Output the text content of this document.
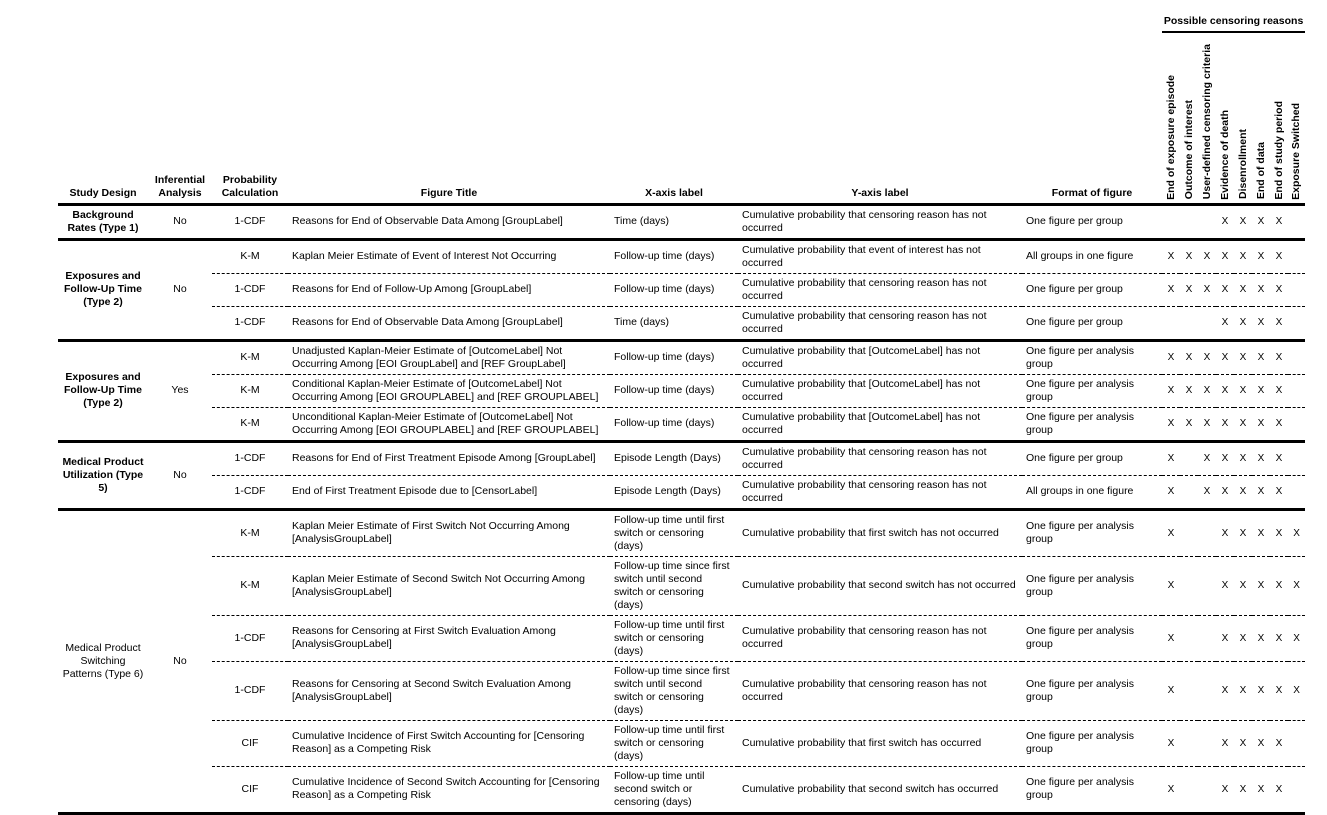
Study Design	Inferential Analysis	Probability Calculation	Figure Title	X-axis label	Y-axis label	Format of figure	Possible censoring reasons							

							End of exposure episode	Outcome of interest	User-defined censoring criteria	Evidence of death	Disenrollment	End of data	End of study period	Exposure Switched

Background Rates (Type 1)	No	1-CDF	Reasons for End of Observable Data Among [GroupLabel]	Time (days)	Cumulative probability that censoring reason has not occurred	One figure per group				X	X	X	X	
Exposures and Follow-Up Time (Type 2)	No	K-M	Kaplan Meier Estimate of Event of Interest Not Occurring	Follow-up time (days)	Cumulative probability that event of interest has not occurred	All groups in one figure	X	X	X	X	X	X	X	
		1-CDF	Reasons for End of Follow-Up Among [GroupLabel]	Follow-up time (days)	Cumulative probability that censoring reason has not occurred	One figure per group	X	X	X	X	X	X	X	
		1-CDF	Reasons for End of Observable Data Among [GroupLabel]	Time (days)	Cumulative probability that censoring reason has not occurred	One figure per group				X	X	X	X	
Exposures and Follow-Up Time (Type 2)	Yes	K-M	Unadjusted Kaplan-Meier Estimate of [OutcomeLabel] Not Occurring Among [EOI GroupLabel] and [REF GroupLabel]	Follow-up time (days)	Cumulative probability that [OutcomeLabel] has not occurred	One figure per analysis group	X	X	X	X	X	X	X	
		K-M	Conditional Kaplan-Meier Estimate of [OutcomeLabel] Not Occurring Among [EOI GROUPLABEL] and [REF GROUPLABEL]	Follow-up time (days)	Cumulative probability that [OutcomeLabel] has not occurred	One figure per analysis group	X	X	X	X	X	X	X	
		K-M	Unconditional Kaplan-Meier Estimate of [OutcomeLabel] Not Occurring Among [EOI GROUPLABEL] and [REF GROUPLABEL]	Follow-up time (days)	Cumulative probability that [OutcomeLabel] has not occurred	One figure per analysis group	X	X	X	X	X	X	X	
Medical Product Utilization (Type 5)	No	1-CDF	Reasons for End of First Treatment Episode Among [GroupLabel]	Episode Length (Days)	Cumulative probability that censoring reason has not occurred	One figure per group	X		X	X	X	X	X	
		1-CDF	End of First Treatment Episode due to [CensorLabel]	Episode Length (Days)	Cumulative probability that censoring reason has not occurred	All groups in one figure	X		X	X	X	X	X	
Medical Product Switching Patterns (Type 6)	No	K-M	Kaplan Meier Estimate of First Switch Not Occurring Among [AnalysisGroupLabel]	Follow-up time until first switch or censoring (days)	Cumulative probability that first switch has not occurred	One figure per analysis group	X			X	X	X	X	X
		K-M	Kaplan Meier Estimate of Second Switch Not Occurring Among [AnalysisGroupLabel]	Follow-up time since first switch until second switch or censoring (days)	Cumulative probability that second switch has not occurred	One figure per analysis group	X			X	X	X	X	X
		1-CDF	Reasons for Censoring at First Switch Evaluation Among [AnalysisGroupLabel]	Follow-up time until first switch or censoring (days)	Cumulative probability that censoring reason has not occurred	One figure per analysis group	X			X	X	X	X	X
		1-CDF	Reasons for Censoring at Second Switch Evaluation Among [AnalysisGroupLabel]	Follow-up time since first switch until second switch or censoring (days)	Cumulative probability that censoring reason has not occurred	One figure per analysis group	X			X	X	X	X	X
		CIF	Cumulative Incidence of First Switch Accounting for [Censoring Reason] as a Competing Risk	Follow-up time until first switch or censoring (days)	Cumulative probability that first switch has occurred	One figure per analysis group	X			X	X	X	X	
		CIF	Cumulative Incidence of Second Switch Accounting for [Censoring Reason] as a Competing Risk	Follow-up time until second switch or censoring (days)	Cumulative probability that second switch has occurred	One figure per analysis group	X			X	X	X	X	
